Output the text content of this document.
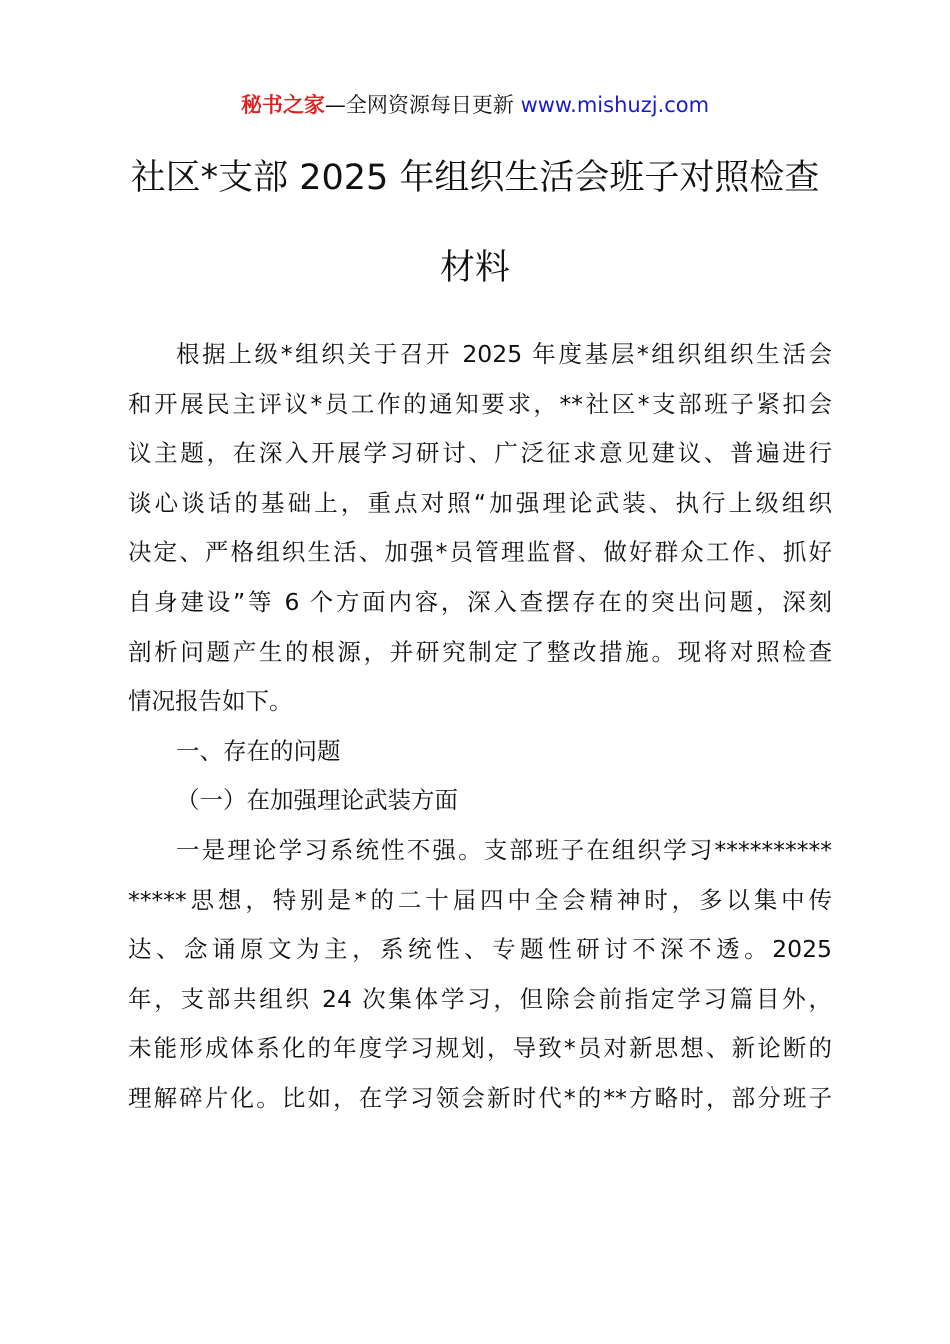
秘书之家—全网资源每日更新 www.mishuzj.com
社区*支部 2025 年组织生活会班子对照检查
材料
根据上级*组织关于召开 2025 年度基层*组织组织生活会
和开展民主评议*员工作的通知要求，**社区*支部班子紧扣会
议主题，在深入开展学习研讨、广泛征求意见建议、普遍进行
谈心谈话的基础上，重点对照“加强理论武装、执行上级组织
决定、严格组织生活、加强*员管理监督、做好群众工作、抓好
自身建设”等 6 个方面内容，深入查摆存在的突出问题，深刻
剖析问题产生的根源，并研究制定了整改措施。现将对照检查
情况报告如下。
一、存在的问题
（一）在加强理论武装方面
一是理论学习系统性不强。支部班子在组织学习**********
*****思想，特别是*的二十届四中全会精神时，多以集中传
达、念诵原文为主，系统性、专题性研讨不深不透。2025
年，支部共组织 24 次集体学习，但除会前指定学习篇目外，
未能形成体系化的年度学习规划，导致*员对新思想、新论断的
理解碎片化。比如，在学习领会新时代*的**方略时，部分班子
